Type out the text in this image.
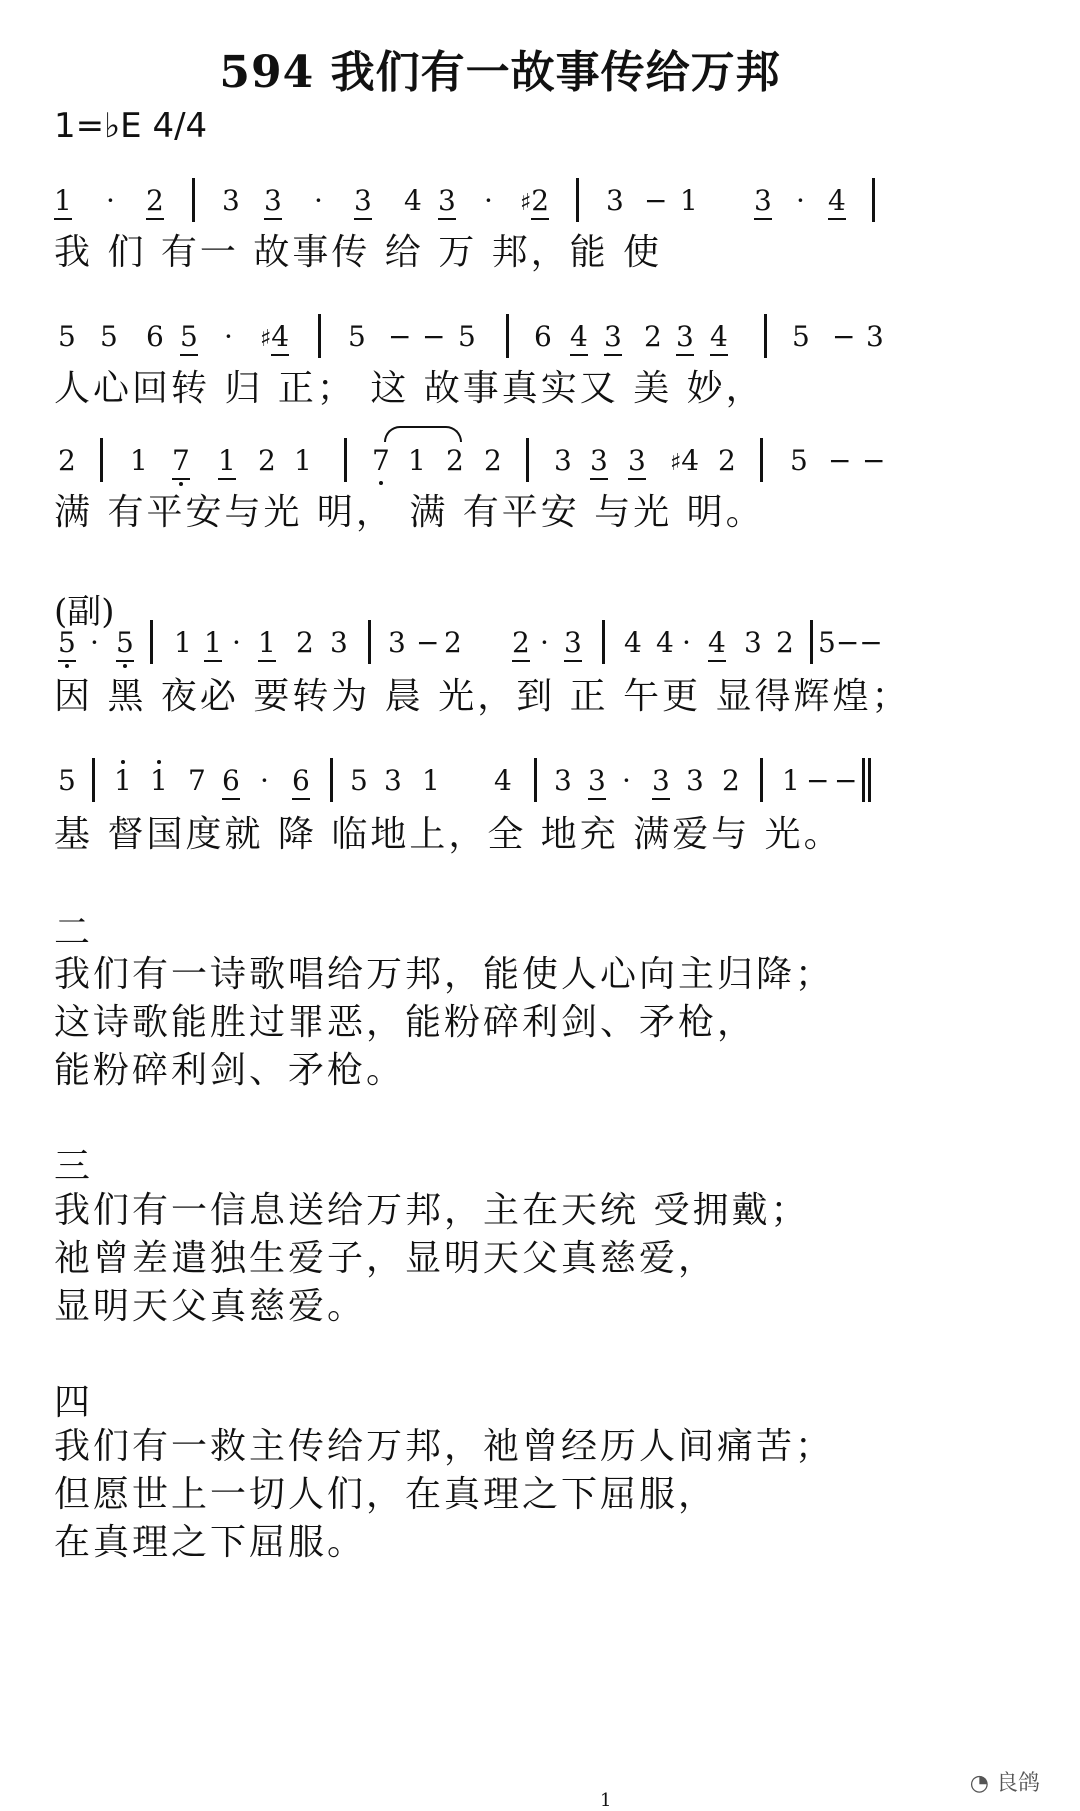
594 我们有一故事传给万邦
1=♭E 4/4
1 · 2 3 3 · 3 4 3 · ♯2 3 − 1 3 · 4
我 们 有一 故事传 给 万 邦，能 使
5 5 6 5 · ♯4 5 − − 5 6 4 3 2 3 4 5 − 3
人心回转 归 正； 这 故事真实又 美 妙，
2 1 7 1 2 1 7 1 2 2 3 3 3 ♯4 2 5 − −
满 有平安与光 明， 满 有平安 与光 明。
(副)
5 · 5 1 1 · 1 2 3 3 − 2 2 · 3 4 4 · 4 3 2 5−−
因 黑 夜必 要转为 晨 光，到 正 午更 显得辉煌；
5 1 1 7 6 · 6 5 3 1 4 3 3 · 3 3 2 1 − −
基 督国度就 降 临地上，全 地充 满爱与 光。
二
我们有一诗歌唱给万邦，能使人心向主归降；
这诗歌能胜过罪恶，能粉碎利剑、矛枪，
能粉碎利剑、矛枪。
三
我们有一信息送给万邦，主在天统 受拥戴；
祂曾差遣独生爱子，显明天父真慈爱，
显明天父真慈爱。
四
我们有一救主传给万邦，祂曾经历人间痛苦；
但愿世上一切人们，在真理之下屈服，
在真理之下屈服。
◔ 良鸽
1
